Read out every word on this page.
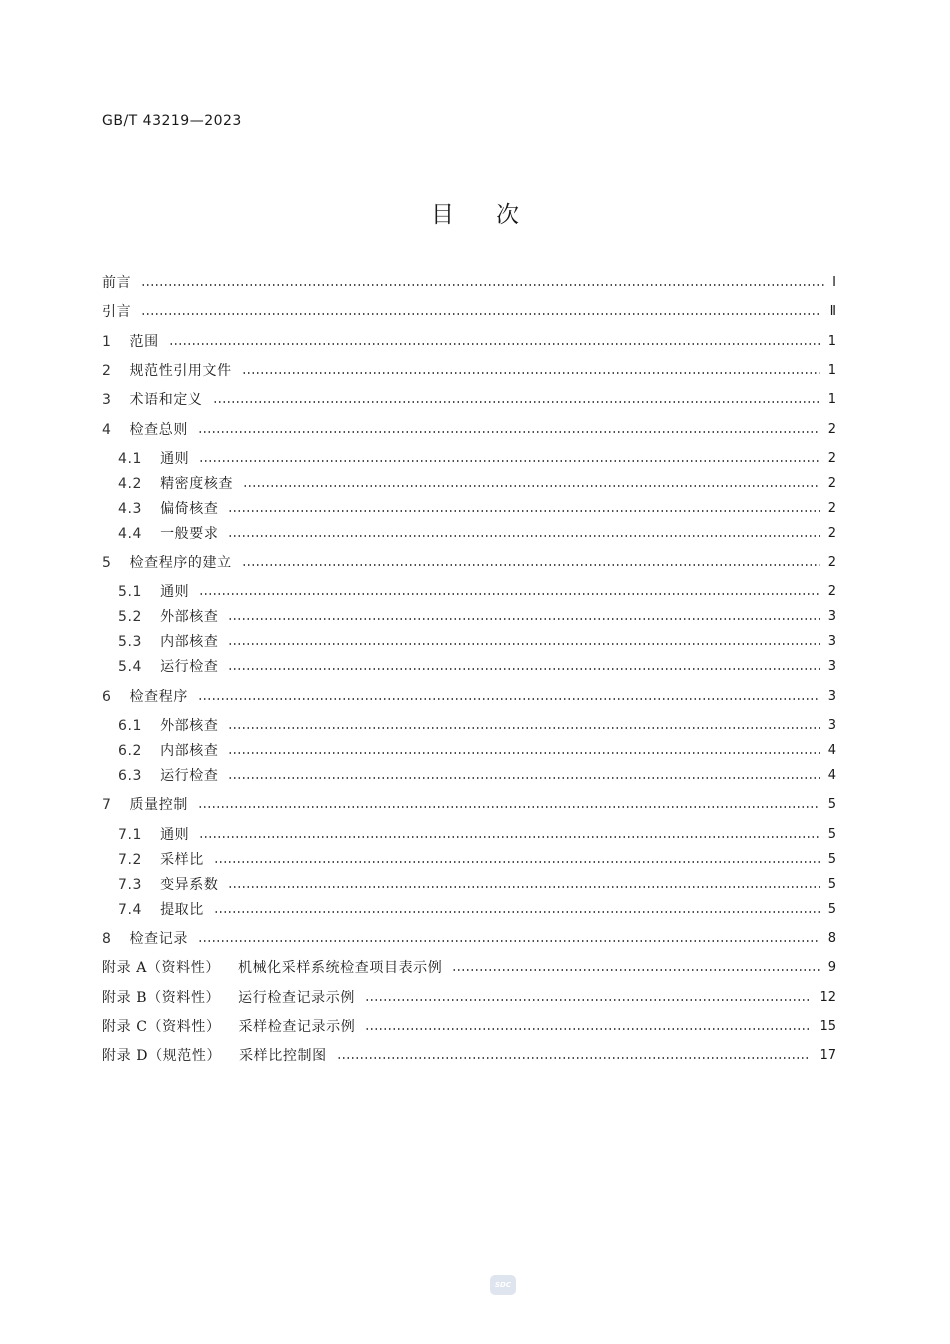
GB/T 43219—2023
目 次
前言	Ⅰ
引言	Ⅱ
1 范围	1
2 规范性引用文件	1
3 术语和定义	1
4 检查总则	2
4.1 通则	2
4.2 精密度核查	2
4.3 偏倚核查	2
4.4 一般要求	2
5 检查程序的建立	2
5.1 通则	2
5.2 外部核查	3
5.3 内部核查	3
5.4 运行检查	3
6 检查程序	3
6.1 外部核查	3
6.2 内部核查	4
6.3 运行检查	4
7 质量控制	5
7.1 通则	5
7.2 采样比	5
7.3 变异系数	5
7.4 提取比	5
8 检查记录	8
附录 A（资料性） 机械化采样系统检查项目表示例	9
附录 B（资料性） 运行检查记录示例	12
附录 C（资料性） 采样检查记录示例	15
附录 D（规范性） 采样比控制图	17
SDC
